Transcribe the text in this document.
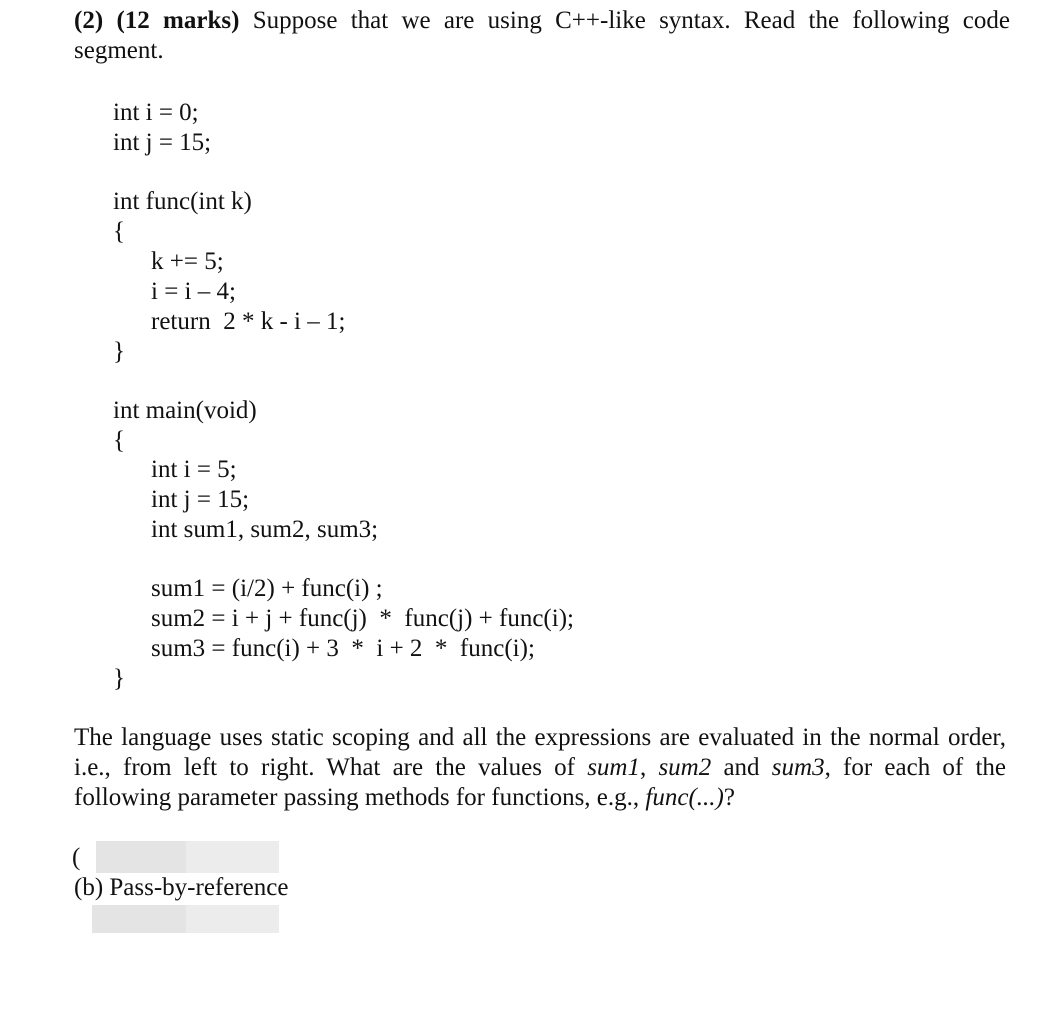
(2) (12 marks) Suppose that we are using C++-like syntax. Read the following code segment.
int i = 0;
int j = 15;
int func(int k)
{
k += 5;
i = i – 4;
return  2 * k - i – 1;
}
int main(void)
{
int i = 5;
int j = 15;
int sum1, sum2, sum3;
sum1 = (i/2) + func(i) ;
sum2 = i + j + func(j)  *  func(j) + func(i);
sum3 = func(i) + 3  *  i + 2  *  func(i);
}
The language uses static scoping and all the expressions are evaluated in the normal order,
i.e., from left to right. What are the values of sum1, sum2 and sum3, for each of the
following parameter passing methods for functions, e.g., func(...)?
(
(b) Pass-by-reference
